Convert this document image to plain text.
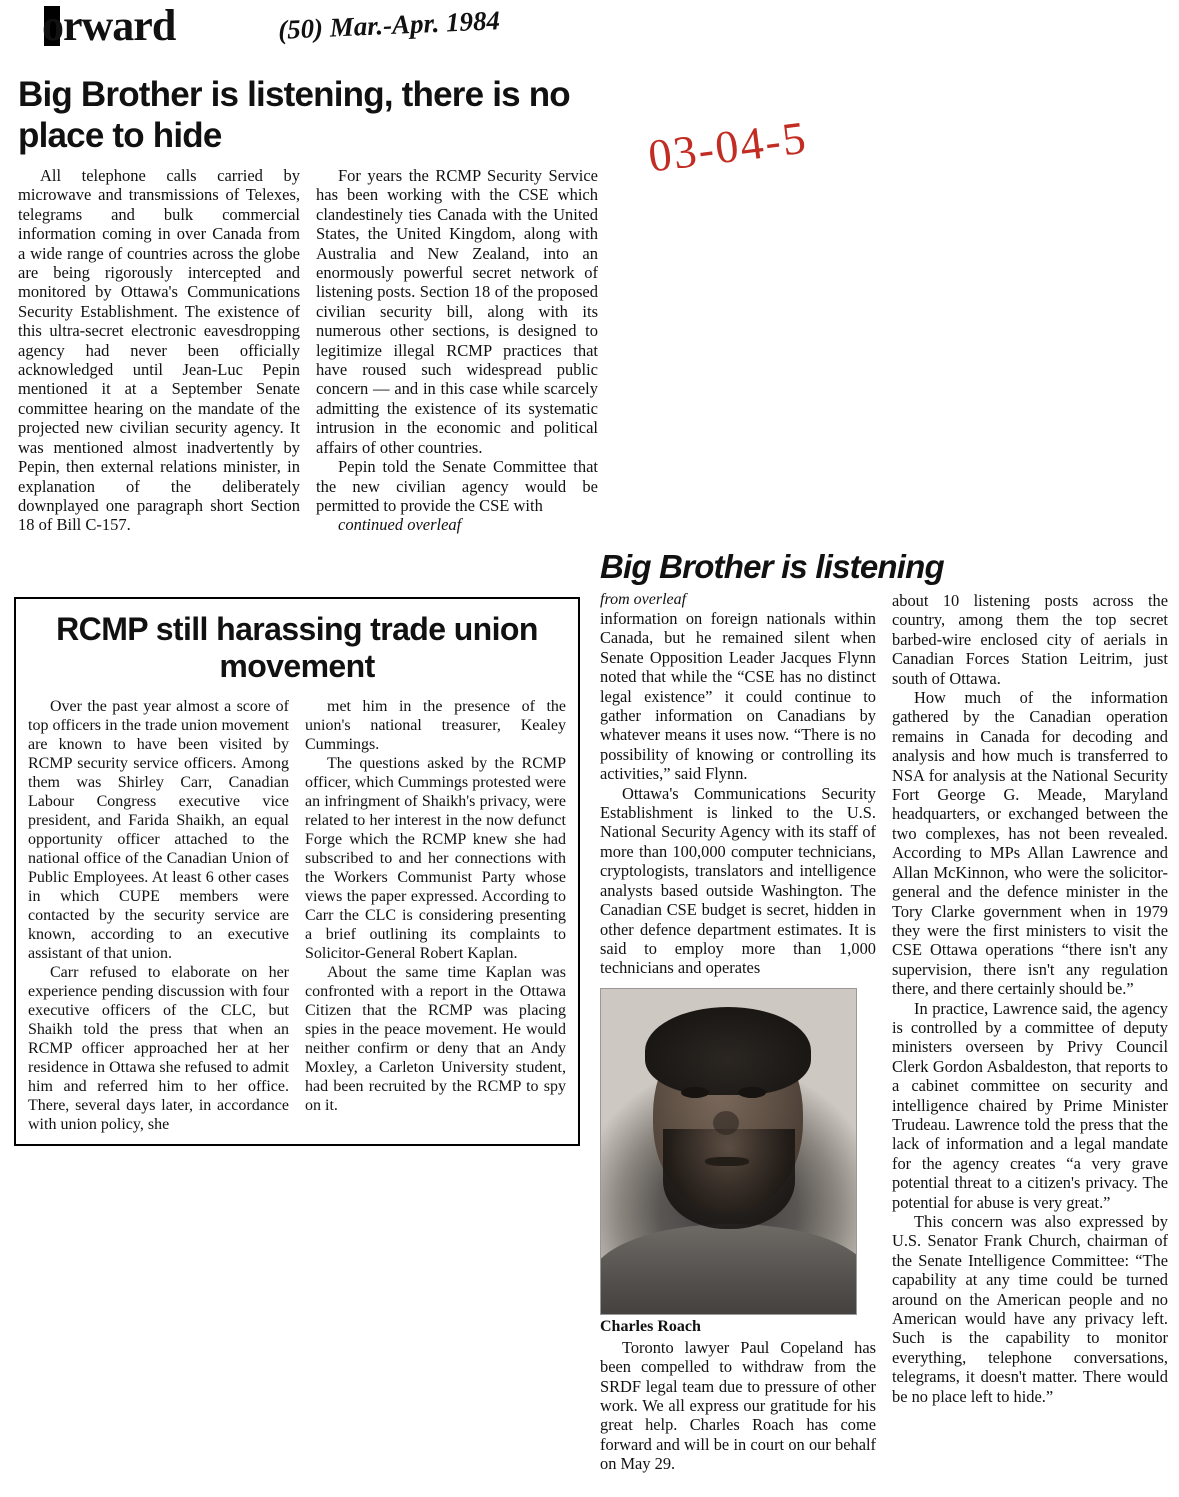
orward	(50) Mar.-Apr. 1984
03-04-5
Big Brother is listening, there is no place to hide

All telephone calls carried by microwave and transmissions of Telexes, telegrams and bulk commercial information coming in over Canada from a wide range of countries across the globe are being rigorously intercepted and monitored by Ottawa's Communications Security Establishment. The existence of this ultra-secret electronic eavesdropping agency had never been officially acknowledged until Jean-Luc Pepin mentioned it at a September Senate committee hearing on the mandate of the projected new civilian security agency. It was mentioned almost inadvertently by Pepin, then external relations minister, in explanation of the deliberately downplayed one paragraph short Section 18 of Bill C-157.

For years the RCMP Security Service has been working with the CSE which clandestinely ties Canada with the United States, the United Kingdom, along with Australia and New Zealand, into an enormously powerful secret network of listening posts. Section 18 of the proposed civilian security bill, along with its numerous other sections, is designed to legitimize illegal RCMP practices that have roused such widespread public concern — and in this case while scarcely admitting the existence of its systematic intrusion in the economic and political affairs of other countries.

Pepin told the Senate Committee that the new civilian agency would be permitted to provide the CSE with

continued overleaf

RCMP still harassing trade union movement

Over the past year almost a score of top officers in the trade union movement are known to have been visited by RCMP security service officers. Among them was Shirley Carr, Canadian Labour Congress executive vice president, and Farida Shaikh, an equal opportunity officer attached to the national office of the Canadian Union of Public Employees. At least 6 other cases in which CUPE members were contacted by the security service are known, according to an executive assistant of that union.

Carr refused to elaborate on her experience pending discussion with four executive officers of the CLC, but Shaikh told the press that when an RCMP officer approached her at her residence in Ottawa she refused to admit him and referred him to her office. There, several days later, in accordance with union policy, she

met him in the presence of the union's national treasurer, Kealey Cummings.

The questions asked by the RCMP officer, which Cummings protested were an infringment of Shaikh's privacy, were related to her interest in the now defunct Forge which the RCMP knew she had subscribed to and her connections with the Workers Communist Party whose views the paper expressed. According to Carr the CLC is considering presenting a brief outlining its complaints to Solicitor-General Robert Kaplan.

About the same time Kaplan was confronted with a report in the Ottawa Citizen that the RCMP was placing spies in the peace movement. He would neither confirm or deny that an Andy Moxley, a Carleton University student, had been recruited by the RCMP to spy on it.

Big Brother is listening

from overleaf

information on foreign nationals within Canada, but he remained silent when Senate Opposition Leader Jacques Flynn noted that while the “CSE has no distinct legal existence” it could continue to gather information on Canadians by whatever means it uses now. “There is no possibility of knowing or controlling its activities,” said Flynn.

Ottawa's Communications Security Establishment is linked to the U.S. National Security Agency with its staff of more than 100,000 computer technicians, cryptologists, translators and intelligence analysts based outside Washington. The Canadian CSE budget is secret, hidden in other defence department estimates. It is said to employ more than 1,000 technicians and operates

Charles Roach

Toronto lawyer Paul Copeland has been compelled to withdraw from the SRDF legal team due to pressure of other work. We all express our gratitude for his great help. Charles Roach has come forward and will be in court on our behalf on May 29.

about 10 listening posts across the country, among them the top secret barbed-wire enclosed city of aerials in Canadian Forces Station Leitrim, just south of Ottawa.

How much of the information gathered by the Canadian operation remains in Canada for decoding and analysis and how much is transferred to NSA for analysis at the National Security Fort George G. Meade, Maryland headquarters, or exchanged between the two complexes, has not been revealed. According to MPs Allan Lawrence and Allan McKinnon, who were the solicitor-general and the defence minister in the Tory Clarke government when in 1979 they were the first ministers to visit the CSE Ottawa operations “there isn't any supervision, there isn't any regulation there, and there certainly should be.”

In practice, Lawrence said, the agency is controlled by a committee of deputy ministers overseen by Privy Council Clerk Gordon Asbaldeston, that reports to a cabinet committee on security and intelligence chaired by Prime Minister Trudeau. Lawrence told the press that the lack of information and a legal mandate for the agency creates “a very grave potential threat to a citizen's privacy. The potential for abuse is very great.”

This concern was also expressed by U.S. Senator Frank Church, chairman of the Senate Intelligence Committee: “The capability at any time could be turned around on the American people and no American would have any privacy left. Such is the capability to monitor everything, telephone conversations, telegrams, it doesn't matter. There would be no place left to hide.”
